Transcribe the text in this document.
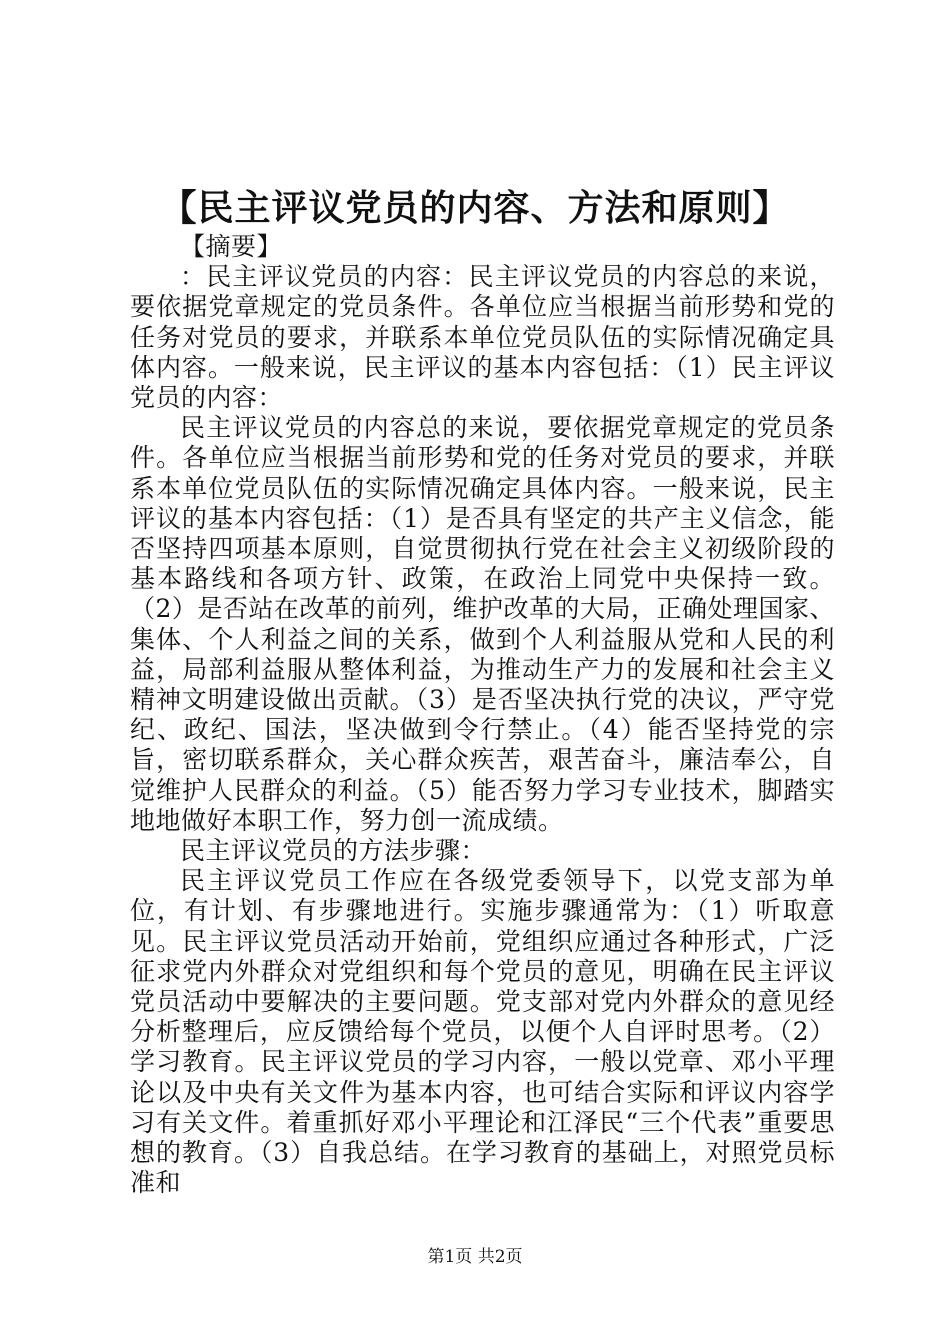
【民主评议党员的内容、方法和原则】

【摘要】

：民主评议党员的内容：民主评议党员的内容总的来说，要依据党章规定的党员条件。各单位应当根据当前形势和党的任务对党员的要求，并联系本单位党员队伍的实际情况确定具体内容。一般来说，民主评议的基本内容包括：（1）民主评议党员的内容：

民主评议党员的内容总的来说，要依据党章规定的党员条件。各单位应当根据当前形势和党的任务对党员的要求，并联系本单位党员队伍的实际情况确定具体内容。一般来说，民主评议的基本内容包括：（1）是否具有坚定的共产主义信念，能否坚持四项基本原则，自觉贯彻执行党在社会主义初级阶段的基本路线和各项方针、政策，在政治上同党中央保持一致。（2）是否站在改革的前列，维护改革的大局，正确处理国家、集体、个人利益之间的关系，做到个人利益服从党和人民的利益，局部利益服从整体利益，为推动生产力的发展和社会主义精神文明建设做出贡献。（3）是否坚决执行党的决议，严守党纪、政纪、国法，坚决做到令行禁止。（4）能否坚持党的宗旨，密切联系群众，关心群众疾苦，艰苦奋斗，廉洁奉公，自觉维护人民群众的利益。（5）能否努力学习专业技术，脚踏实地地做好本职工作，努力创一流成绩。

民主评议党员的方法步骤：

民主评议党员工作应在各级党委领导下，以党支部为单位，有计划、有步骤地进行。实施步骤通常为：（1）听取意见。民主评议党员活动开始前，党组织应通过各种形式，广泛征求党内外群众对党组织和每个党员的意见，明确在民主评议党员活动中要解决的主要问题。党支部对党内外群众的意见经分析整理后，应反馈给每个党员，以便个人自评时思考。（2）学习教育。民主评议党员的学习内容，一般以党章、邓小平理论以及中央有关文件为基本内容，也可结合实际和评议内容学习有关文件。着重抓好邓小平理论和江泽民“三个代表”重要思想的教育。（3）自我总结。在学习教育的基础上，对照党员标准和

第1页 共2页
